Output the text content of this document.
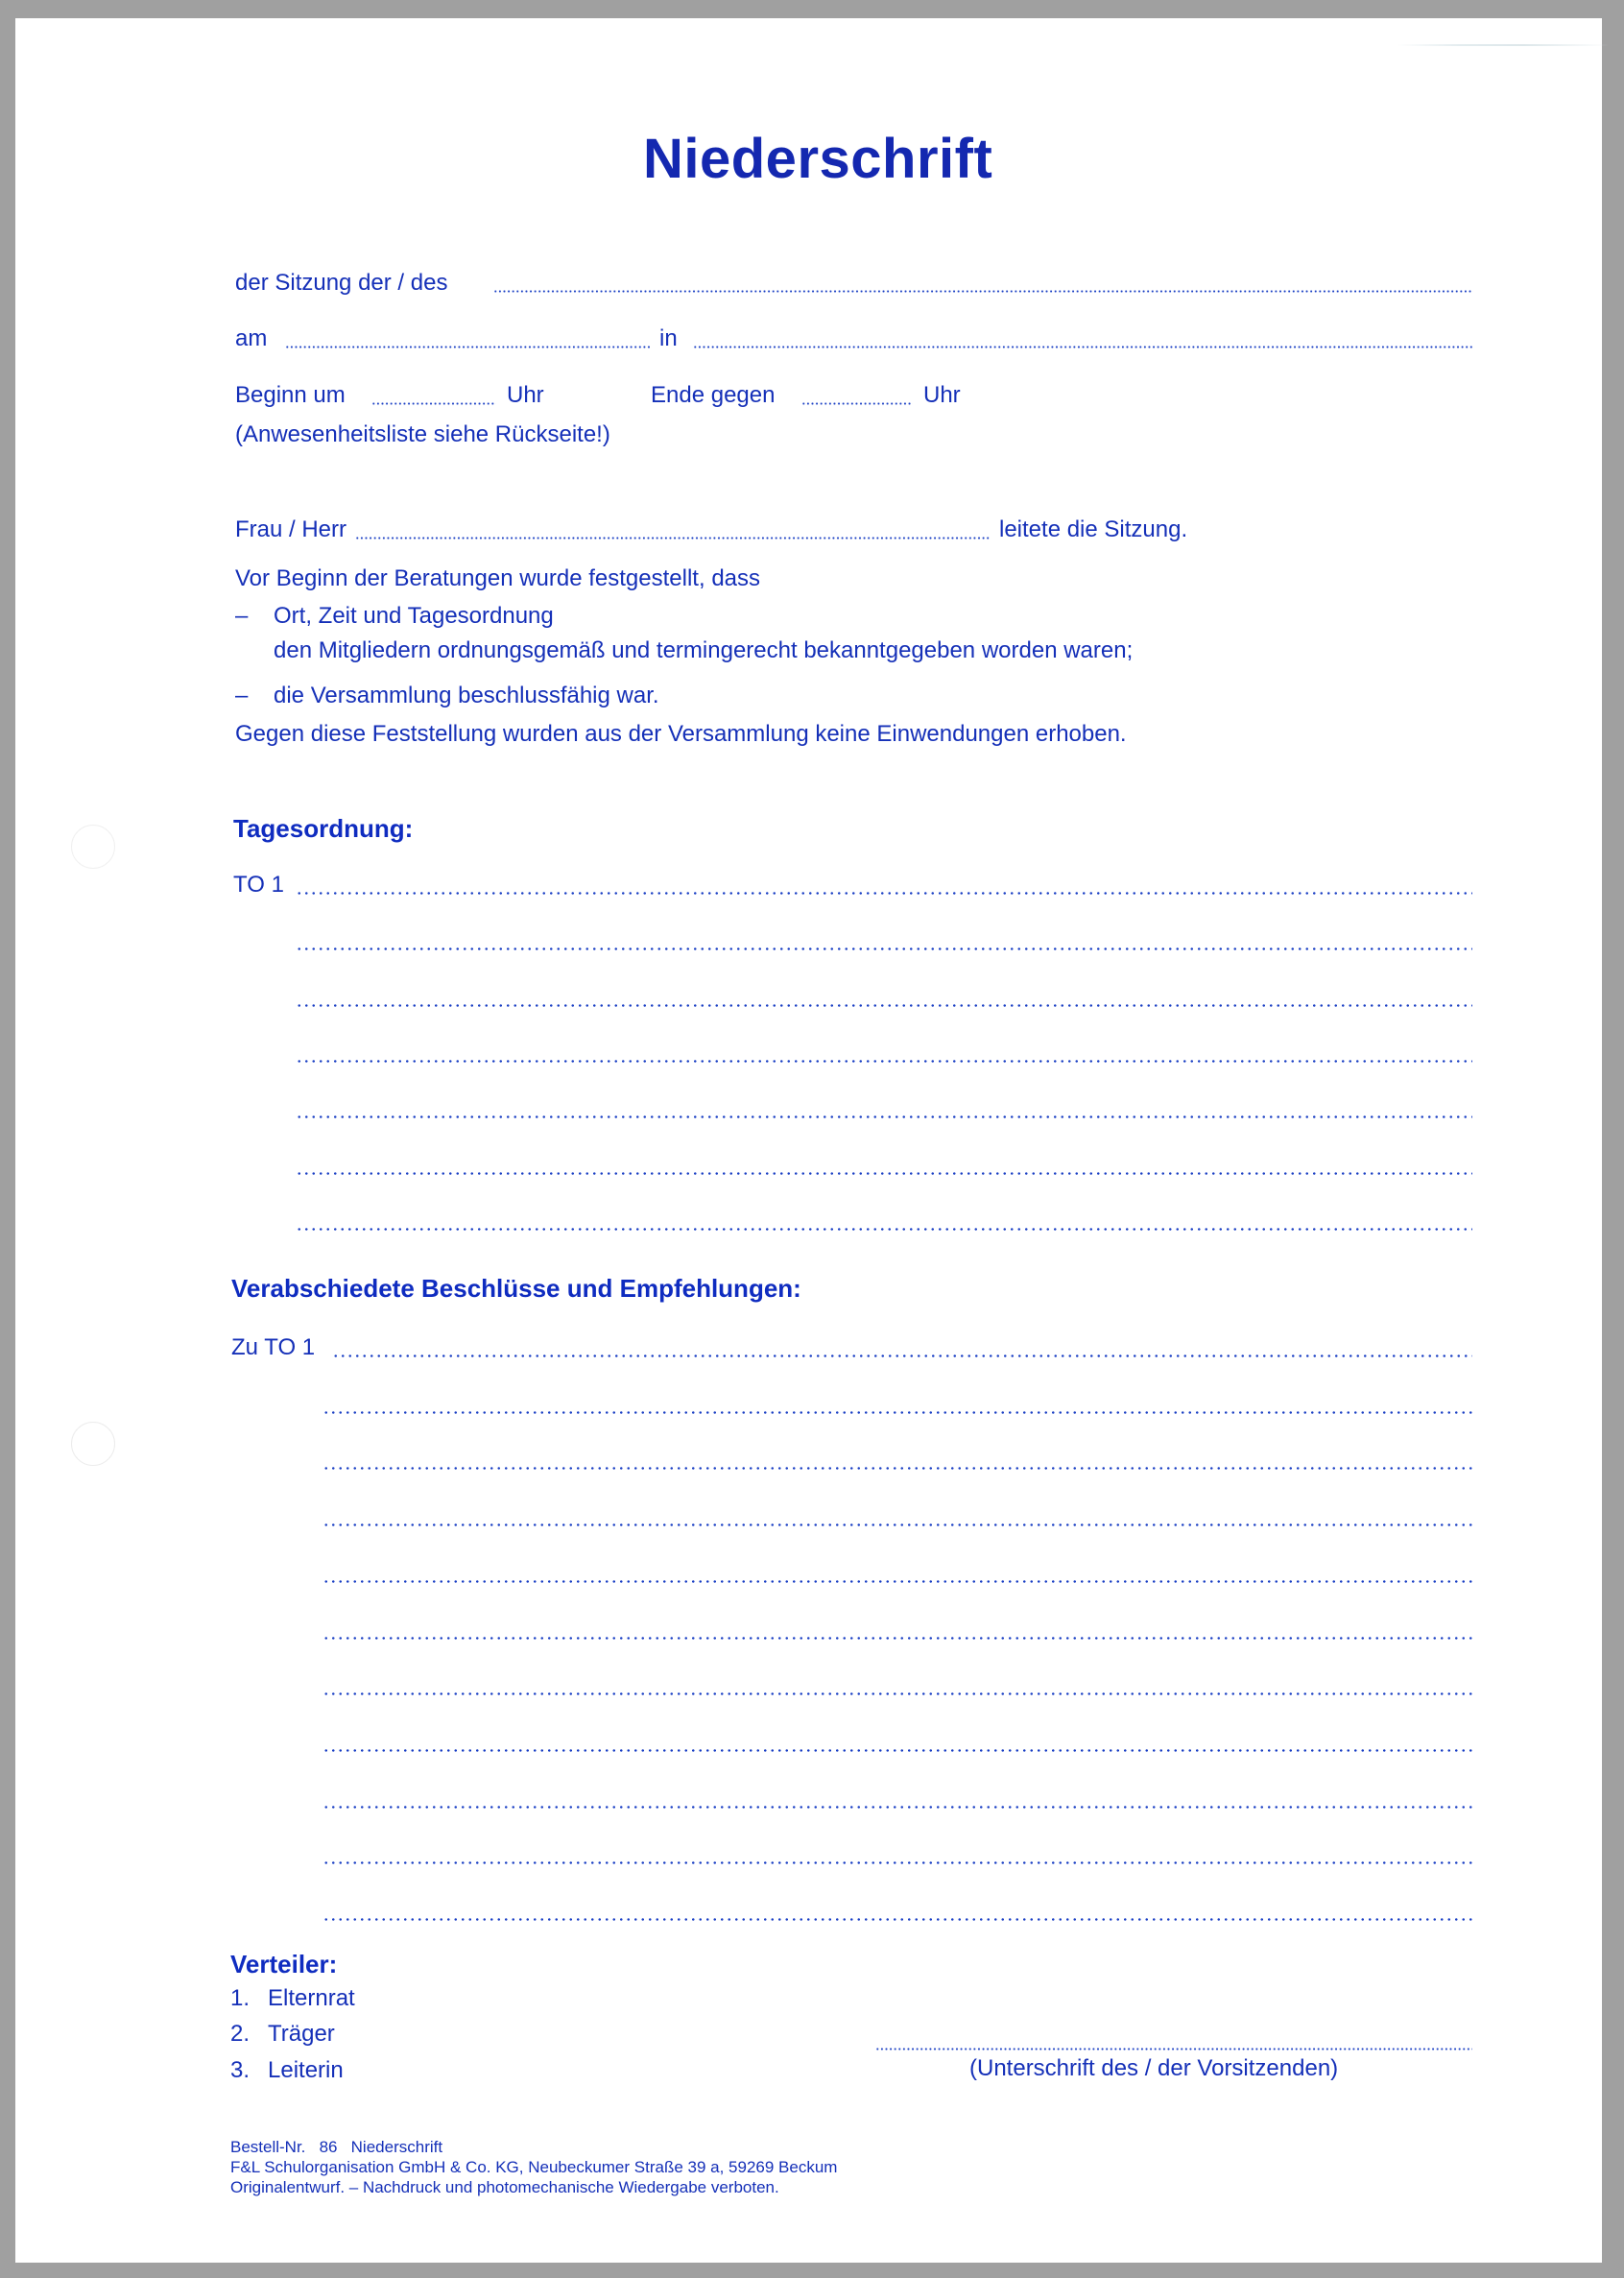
Niederschrift
der Sitzung der / des
am	in
Beginn um	Uhr	Ende gegen	Uhr
(Anwesenheitsliste siehe Rückseite!)
Frau / Herr	leitete die Sitzung.
Vor Beginn der Beratungen wurde festgestellt, dass
– Ort, Zeit und Tagesordnung
den Mitgliedern ordnungsgemäß und termingerecht bekanntgegeben worden waren;
– die Versammlung beschlussfähig war.
Gegen diese Feststellung wurden aus der Versammlung keine Einwendungen erhoben.
Tagesordnung:
TO 1
Verabschiedete Beschlüsse und Empfehlungen:
Zu TO 1
Verteiler:
1. Elternrat
2. Träger
3. Leiterin	(Unterschrift des / der Vorsitzenden)
Bestell-Nr.   86   Niederschrift
F&L Schulorganisation GmbH & Co. KG, Neubeckumer Straße 39 a, 59269 Beckum
Originalentwurf. – Nachdruck und photomechanische Wiedergabe verboten.
